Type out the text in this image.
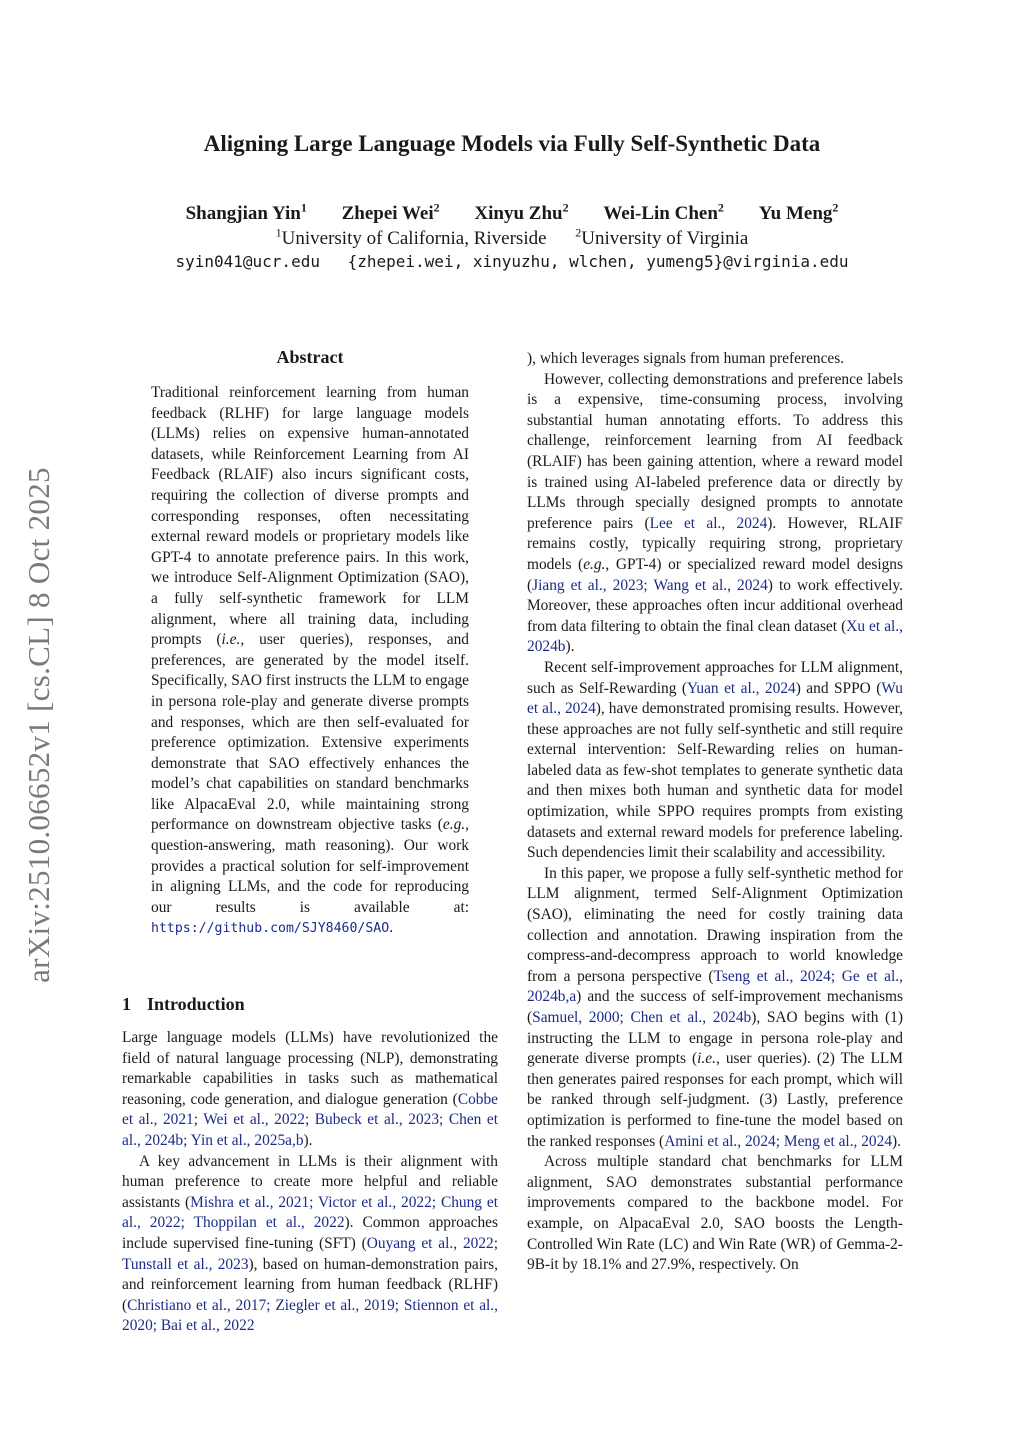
arXiv:2510.06652v1 [cs.CL] 8 Oct 2025
Aligning Large Language Models via Fully Self-Synthetic Data
Shangjian Yin$^1$ Zhepei Wei$^2$ Xinyu Zhu$^2$ Wei-Lin Chen$^2$ Yu Meng$^2$
$^1$University of California, Riverside $^2$University of Virginia
syin041@ucr.edu {zhepei.wei, xinyuzhu, wlchen, yumeng5}@virginia.edu
Abstract

Traditional reinforcement learning from human feedback (RLHF) for large language models (LLMs) relies on expensive human-annotated datasets, while Reinforcement Learning from AI Feedback (RLAIF) also incurs significant costs, requiring the collection of diverse prompts and corresponding responses, often necessitating external reward models or proprietary models like GPT-4 to annotate preference pairs. In this work, we introduce Self-Alignment Optimization (SAO), a fully self-synthetic framework for LLM alignment, where all training data, including prompts (i.e., user queries), responses, and preferences, are generated by the model itself. Specifically, SAO first instructs the LLM to engage in persona role-play and generate diverse prompts and responses, which are then self-evaluated for preference optimization. Extensive experiments demonstrate that SAO effectively enhances the model’s chat capabilities on standard benchmarks like AlpacaEval 2.0, while maintaining strong performance on downstream objective tasks (e.g., question-answering, math reasoning). Our work provides a practical solution for self-improvement in aligning LLMs, and the code for reproducing our results is available at: https://github.com/SJY8460/SAO.

1 Introduction

Large language models (LLMs) have revolutionized the field of natural language processing (NLP), demonstrating remarkable capabilities in tasks such as mathematical reasoning, code generation, and dialogue generation (Cobbe et al., 2021; Wei et al., 2022; Bubeck et al., 2023; Chen et al., 2024b; Yin et al., 2025a,b).

A key advancement in LLMs is their alignment with human preference to create more helpful and reliable assistants (Mishra et al., 2021; Victor et al., 2022; Chung et al., 2022; Thoppilan et al., 2022). Common approaches include supervised fine-tuning (SFT) (Ouyang et al., 2022; Tunstall et al., 2023), based on human-demonstration pairs, and reinforcement learning from human feedback (RLHF) (Christiano et al., 2017; Ziegler et al., 2019; Stiennon et al., 2020; Bai et al., 2022

), which leverages signals from human preferences.

However, collecting demonstrations and preference labels is a expensive, time-consuming process, involving substantial human annotating efforts. To address this challenge, reinforcement learning from AI feedback (RLAIF) has been gaining attention, where a reward model is trained using AI-labeled preference data or directly by LLMs through specially designed prompts to annotate preference pairs (Lee et al., 2024). However, RLAIF remains costly, typically requiring strong, proprietary models (e.g., GPT-4) or specialized reward model designs (Jiang et al., 2023; Wang et al., 2024) to work effectively. Moreover, these approaches often incur additional overhead from data filtering to obtain the final clean dataset (Xu et al., 2024b).

Recent self-improvement approaches for LLM alignment, such as Self-Rewarding (Yuan et al., 2024) and SPPO (Wu et al., 2024), have demonstrated promising results. However, these approaches are not fully self-synthetic and still require external intervention: Self-Rewarding relies on human-labeled data as few-shot templates to generate synthetic data and then mixes both human and synthetic data for model optimization, while SPPO requires prompts from existing datasets and external reward models for preference labeling. Such dependencies limit their scalability and accessibility.

In this paper, we propose a fully self-synthetic method for LLM alignment, termed Self-Alignment Optimization (SAO), eliminating the need for costly training data collection and annotation. Drawing inspiration from the compress-and-decompress approach to world knowledge from a persona perspective (Tseng et al., 2024; Ge et al., 2024b,a) and the success of self-improvement mechanisms (Samuel, 2000; Chen et al., 2024b), SAO begins with (1) instructing the LLM to engage in persona role-play and generate diverse prompts (i.e., user queries). (2) The LLM then generates paired responses for each prompt, which will be ranked through self-judgment. (3) Lastly, preference optimization is performed to fine-tune the model based on the ranked responses (Amini et al., 2024; Meng et al., 2024).

Across multiple standard chat benchmarks for LLM alignment, SAO demonstrates substantial performance improvements compared to the backbone model. For example, on AlpacaEval 2.0, SAO boosts the Length-Controlled Win Rate (LC) and Win Rate (WR) of Gemma-2-9B-it by 18.1% and 27.9%, respectively. On
